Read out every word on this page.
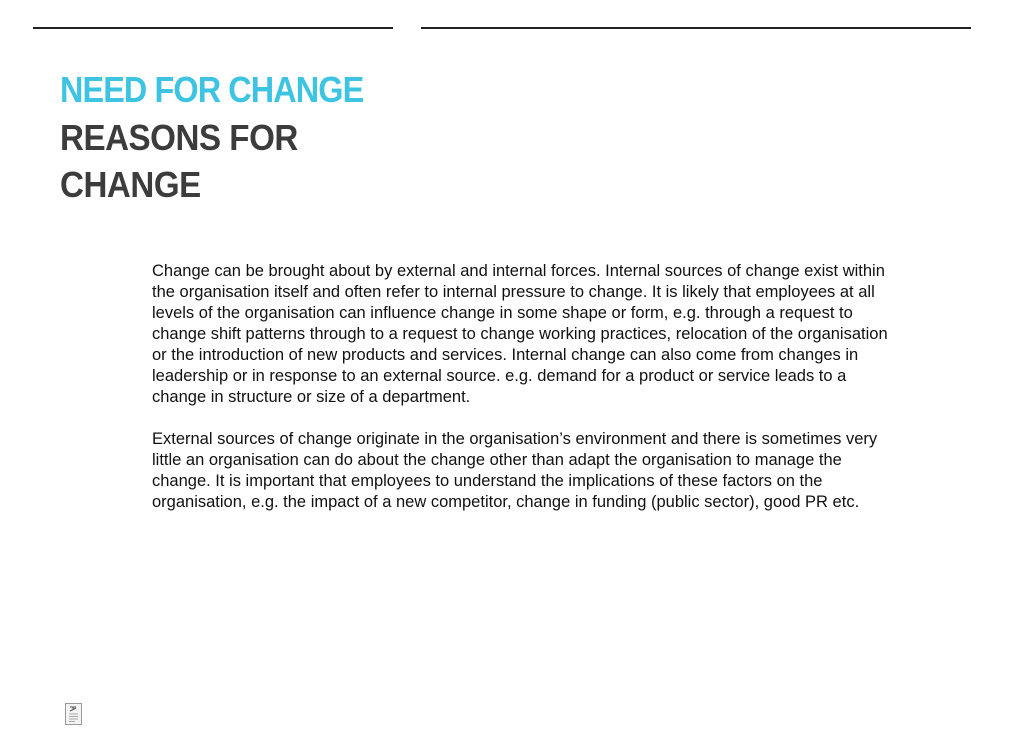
NEED FOR CHANGE
REASONS FOR CHANGE

Change can be brought about by external and internal forces. Internal sources of change exist within the organisation itself and often refer to internal pressure to change. It is likely that employees at all levels of the organisation can influence change in some shape or form, e.g. through a request to change shift patterns through to a request to change working practices, relocation of the organisation or the introduction of new products and services. Internal change can also come from changes in leadership or in response to an external source. e.g. demand for a product or service leads to a change in structure or size of a department.

External sources of change originate in the organisation’s environment and there is sometimes very little an organisation can do about the change other than adapt the organisation to manage the change. It is important that employees to understand the implications of these factors on the organisation, e.g. the impact of a new competitor, change in funding (public sector), good PR etc.
